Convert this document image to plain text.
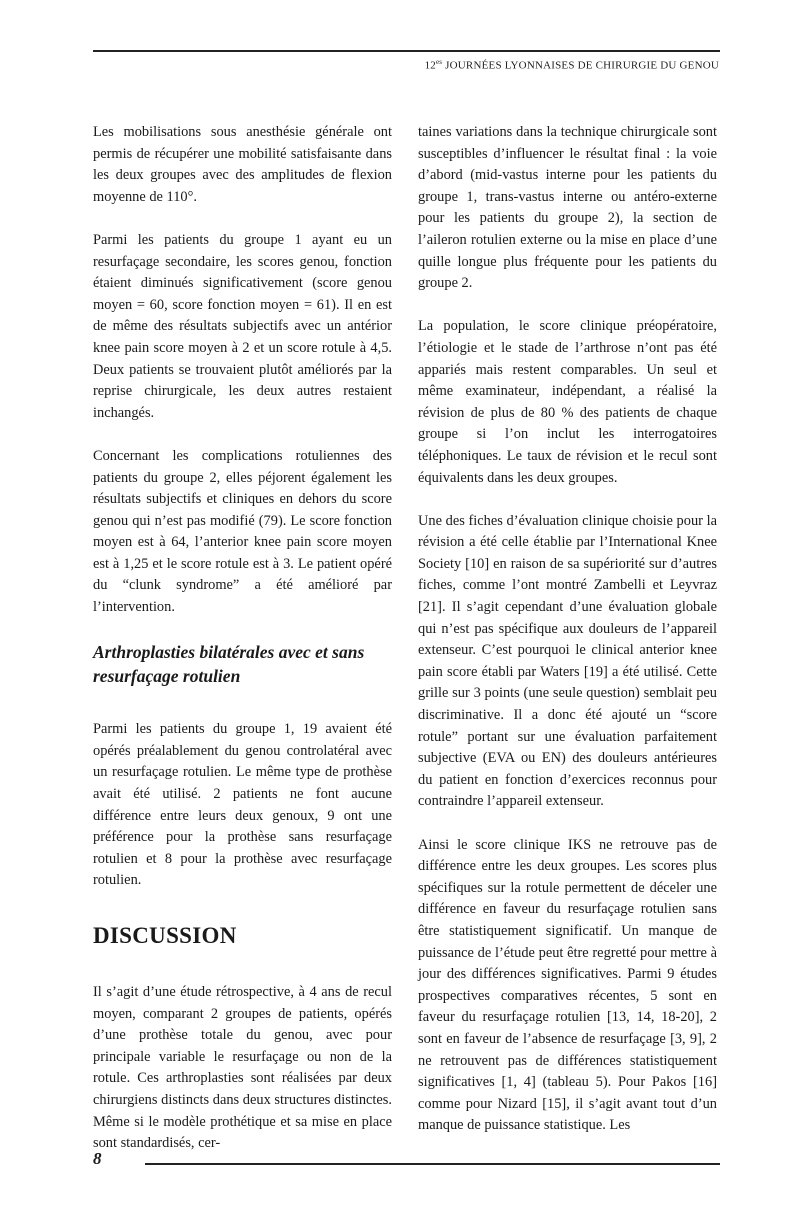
$12^{es}$ JOURNÉES LYONNAISES DE CHIRURGIE DU GENOU

Les mobilisations sous anesthésie générale ont permis de récupérer une mobilité satisfaisante dans les deux groupes avec des amplitudes de flexion moyenne de 110°.

Parmi les patients du groupe 1 ayant eu un resurfaçage secondaire, les scores genou, fonction étaient diminués significativement (score genou moyen = 60, score fonction moyen = 61). Il en est de même des résultats subjectifs avec un antérior knee pain score moyen à 2 et un score rotule à 4,5. Deux patients se trouvaient plutôt améliorés par la reprise chirurgicale, les deux autres restaient inchangés.

Concernant les complications rotuliennes des patients du groupe 2, elles péjorent également les résultats subjectifs et cliniques en dehors du score genou qui n’est pas modifié (79). Le score fonction moyen est à 64, l’anterior knee pain score moyen est à 1,25 et le score rotule est à 3. Le patient opéré du “clunk syndrome” a été amélioré par l’intervention.

Arthroplasties bilatérales avec et sans resurfaçage rotulien

Parmi les patients du groupe 1, 19 avaient été opérés préalablement du genou controlatéral avec un resurfaçage rotulien. Le même type de prothèse avait été utilisé. 2 patients ne font aucune différence entre leurs deux genoux, 9 ont une préférence pour la prothèse sans resurfaçage rotulien et 8 pour la prothèse avec resurfaçage rotulien.

DISCUSSION

Il s’agit d’une étude rétrospective, à 4 ans de recul moyen, comparant 2 groupes de patients, opérés d’une prothèse totale du genou, avec pour principale variable le resurfaçage ou non de la rotule. Ces arthroplasties sont réalisées par deux chirurgiens distincts dans deux structures distinctes. Même si le modèle prothétique et sa mise en place sont standardisés, cer-

taines variations dans la technique chirurgicale sont susceptibles d’influencer le résultat final : la voie d’abord (mid-vastus interne pour les patients du groupe 1, trans-vastus interne ou antéro-externe pour les patients du groupe 2), la section de l’aileron rotulien externe ou la mise en place d’une quille longue plus fréquente pour les patients du groupe 2.

La population, le score clinique préopératoire, l’étiologie et le stade de l’arthrose n’ont pas été appariés mais restent comparables. Un seul et même examinateur, indépendant, a réalisé la révision de plus de 80 % des patients de chaque groupe si l’on inclut les interrogatoires téléphoniques. Le taux de révision et le recul sont équivalents dans les deux groupes.

Une des fiches d’évaluation clinique choisie pour la révision a été celle établie par l’International Knee Society [10] en raison de sa supériorité sur d’autres fiches, comme l’ont montré Zambelli et Leyvraz [21]. Il s’agit cependant d’une évaluation globale qui n’est pas spécifique aux douleurs de l’appareil extenseur. C’est pourquoi le clinical anterior knee pain score établi par Waters [19] a été utilisé. Cette grille sur 3 points (une seule question) semblait peu discriminative. Il a donc été ajouté un “score rotule” portant sur une évaluation parfaitement subjective (EVA ou EN) des douleurs antérieures du patient en fonction d’exercices reconnus pour contraindre l’appareil extenseur.

Ainsi le score clinique IKS ne retrouve pas de différence entre les deux groupes. Les scores plus spécifiques sur la rotule permettent de déceler une différence en faveur du resurfaçage rotulien sans être statistiquement significatif. Un manque de puissance de l’étude peut être regretté pour mettre à jour des différences significatives. Parmi 9 études prospectives comparatives récentes, 5 sont en faveur du resurfaçage rotulien [13, 14, 18-20], 2 sont en faveur de l’absence de resurfaçage [3, 9], 2 ne retrouvent pas de différences statistiquement significatives [1, 4] (tableau 5). Pour Pakos [16] comme pour Nizard [15], il s’agit avant tout d’un manque de puissance statistique. Les

8
